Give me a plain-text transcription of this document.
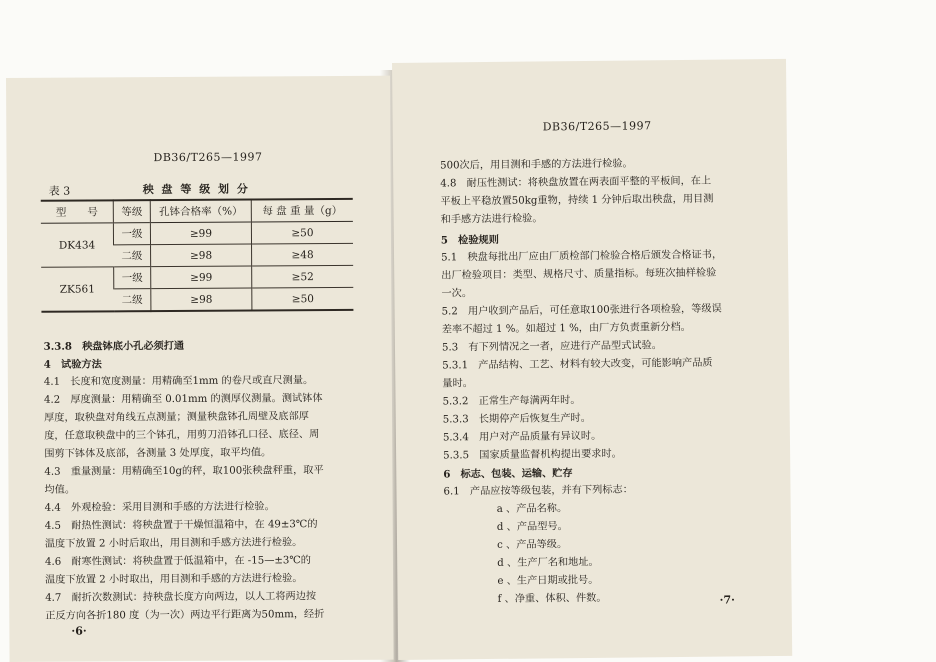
DB36/T265—1997
表 3	秧 盘 等 级 划 分
型　　号	等级	孔钵合格率（%）	每 盘 重 量（g）
DK434	一级	≥99	≥50
	二级	≥98	≥48
ZK561	一级	≥99	≥52
	二级	≥98	≥50
3.3.8　秧盘钵底小孔必须打通
4　试验方法
4.1　长度和宽度测量：用精确至1mm 的卷尺或直尺测量。
4.2　厚度测量：用精确至 0.01mm 的测厚仪测量。测试钵体
厚度，取秧盘对角线五点测量；测量秧盘钵孔周壁及底部厚
度，任意取秧盘中的三个钵孔，用剪刀沿钵孔口径、底径、周
围剪下钵体及底部，各测量 3 处厚度，取平均值。
4.3　重量测量：用精确至10g的秤，取100张秧盘秤重，取平
均值。
4.4　外观检验：采用目测和手感的方法进行检验。
4.5　耐热性测试：将秧盘置于干燥恒温箱中，在 49±3℃的
温度下放置 2 小时后取出，用目测和手感方法进行检验。
4.6　耐寒性测试：将秧盘置于低温箱中，在 -15—±3℃的
温度下放置 2 小时取出，用目测和手感的方法进行检验。
4.7　耐折次数测试：持秧盘长度方向两边，以人工将两边按
正反方向各折180 度（为一次）两边平行距离为50mm，经折
·6·
DB36/T265—1997
500次后，用目测和手感的方法进行检验。
4.8　耐压性测试：将秧盘放置在两表面平整的平板间，在上
平板上平稳放置50kg重物，持续 1 分钟后取出秧盘，用目测
和手感方法进行检验。
5　检验规则
5.1　秧盘每批出厂应由厂质检部门检验合格后颁发合格证书，
出厂检验项目：类型、规格尺寸、质量指标。每班次抽样检验
一次。
5.2　用户收到产品后，可任意取100张进行各项检验，等级误
差率不超过 1 %。如超过 1 %，由厂方负责重新分档。
5.3　有下列情况之一者，应进行产品型式试验。
5.3.1　产品结构、工艺、材料有较大改变，可能影响产品质
量时。
5.3.2　正常生产每满两年时。
5.3.3　长期停产后恢复生产时。
5.3.4　用户对产品质量有异议时。
5.3.5　国家质量监督机构提出要求时。
6　标志、包装、运输、贮存
6.1　产品应按等级包装，并有下列标志：
a 、产品名称。
d 、产品型号。
c 、产品等级。
d 、生产厂名和地址。
e 、生产日期或批号。
f 、净重、体积、件数。	·7·
